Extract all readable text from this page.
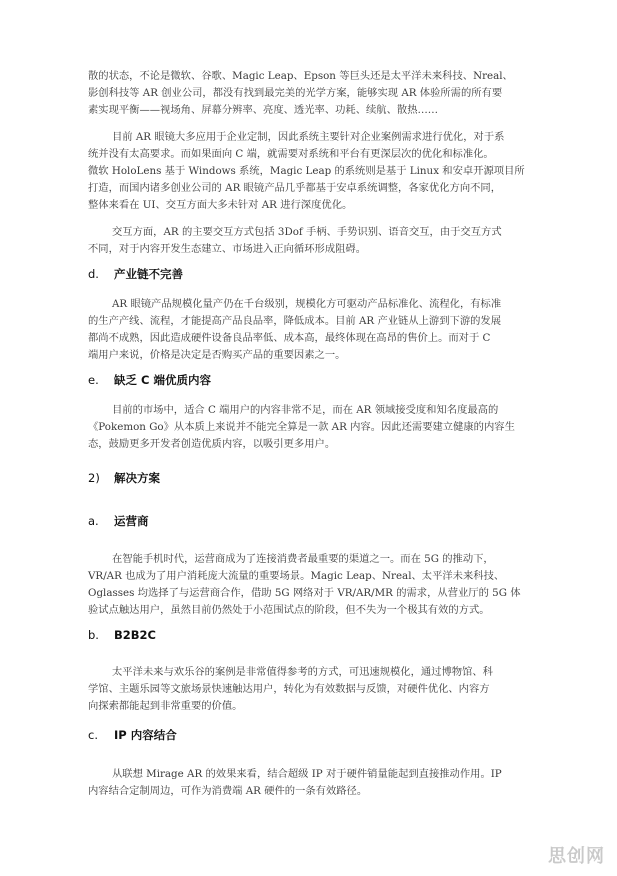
散的状态，不论是微软、谷歌、Magic Leap、Epson 等巨头还是太平洋未来科技、Nreal、
影创科技等 AR 创业公司，都没有找到最完美的光学方案，能够实现 AR 体验所需的所有要
素实现平衡——视场角、屏幕分辨率、亮度、透光率、功耗、续航、散热……
目前 AR 眼镜大多应用于企业定制，因此系统主要针对企业案例需求进行优化，对于系
统并没有太高要求。而如果面向 C 端，就需要对系统和平台有更深层次的优化和标准化。
微软 HoloLens 基于 Windows 系统，Magic Leap 的系统则是基于 Linux 和安卓开源项目所
打造，而国内诸多创业公司的 AR 眼镜产品几乎都基于安卓系统调整，各家优化方向不同，
整体来看在 UI、交互方面大多未针对 AR 进行深度优化。
交互方面，AR 的主要交互方式包括 3Dof 手柄、手势识别、语音交互，由于交互方式
不同，对于内容开发生态建立、市场进入正向循环形成阻碍。
d. 产业链不完善
AR 眼镜产品规模化量产仍在千台级别，规模化方可驱动产品标准化、流程化，有标准
的生产产线、流程，才能提高产品良品率，降低成本。目前 AR 产业链从上游到下游的发展
都尚不成熟，因此造成硬件设备良品率低、成本高，最终体现在高昂的售价上。而对于 C
端用户来说，价格是决定是否购买产品的重要因素之一。
e. 缺乏 C 端优质内容
目前的市场中，适合 C 端用户的内容非常不足，而在 AR 领域接受度和知名度最高的
《Pokemon Go》从本质上来说并不能完全算是一款 AR 内容。因此还需要建立健康的内容生
态，鼓励更多开发者创造优质内容，以吸引更多用户。
2) 解决方案
a. 运营商
在智能手机时代，运营商成为了连接消费者最重要的渠道之一。而在 5G 的推动下，
VR/AR 也成为了用户消耗庞大流量的重要场景。Magic Leap、Nreal、太平洋未来科技、
Oglasses 均选择了与运营商合作，借助 5G 网络对于 VR/AR/MR 的需求，从营业厅的 5G 体
验试点触达用户，虽然目前仍然处于小范围试点的阶段，但不失为一个极其有效的方式。
b. B2B2C
太平洋未来与欢乐谷的案例是非常值得参考的方式，可迅速规模化，通过博物馆、科
学馆、主题乐园等文旅场景快速触达用户，转化为有效数据与反馈，对硬件优化、内容方
向探索都能起到非常重要的价值。
c. IP 内容结合
从联想 Mirage AR 的效果来看，结合超级 IP 对于硬件销量能起到直接推动作用。IP
内容结合定制周边，可作为消费端 AR 硬件的一条有效路径。
思创网
